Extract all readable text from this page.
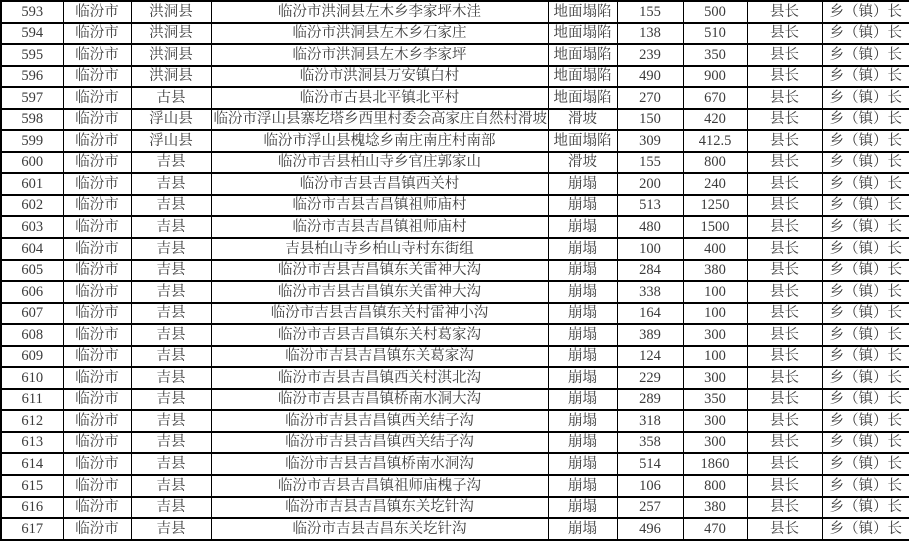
593	临汾市	洪洞县	临汾市洪洞县左木乡李家坪木洼	地面塌陷	155	500	县长	乡（镇）长
594	临汾市	洪洞县	临汾市洪洞县左木乡石家庄	地面塌陷	138	510	县长	乡（镇）长
595	临汾市	洪洞县	临汾市洪洞县左木乡李家坪	地面塌陷	239	350	县长	乡（镇）长
596	临汾市	洪洞县	临汾市洪洞县万安镇白村	地面塌陷	490	900	县长	乡（镇）长
597	临汾市	古县	临汾市古县北平镇北平村	地面塌陷	270	670	县长	乡（镇）长
598	临汾市	浮山县	临汾市浮山县寨圪塔乡西里村委会高家庄自然村滑坡	滑坡	150	420	县长	乡（镇）长
599	临汾市	浮山县	临汾市浮山县槐埝乡南庄南庄村南部	地面塌陷	309	412.5	县长	乡（镇）长
600	临汾市	吉县	临汾市吉县柏山寺乡官庄郭家山	滑坡	155	800	县长	乡（镇）长
601	临汾市	吉县	临汾市吉县吉昌镇西关村	崩塌	200	240	县长	乡（镇）长
602	临汾市	吉县	临汾市吉县吉昌镇祖师庙村	崩塌	513	1250	县长	乡（镇）长
603	临汾市	吉县	临汾市吉县吉昌镇祖师庙村	崩塌	480	1500	县长	乡（镇）长
604	临汾市	吉县	吉县柏山寺乡柏山寺村东街组	崩塌	100	400	县长	乡（镇）长
605	临汾市	吉县	临汾市吉县吉昌镇东关雷神大沟	崩塌	284	380	县长	乡（镇）长
606	临汾市	吉县	临汾市吉县吉昌镇东关雷神大沟	崩塌	338	100	县长	乡（镇）长
607	临汾市	吉县	临汾市吉县吉昌镇东关村雷神小沟	崩塌	164	100	县长	乡（镇）长
608	临汾市	吉县	临汾市吉县吉昌镇东关村葛家沟	崩塌	389	300	县长	乡（镇）长
609	临汾市	吉县	临汾市吉县吉昌镇东关葛家沟	崩塌	124	100	县长	乡（镇）长
610	临汾市	吉县	临汾市吉县吉昌镇西关村淇北沟	崩塌	229	300	县长	乡（镇）长
611	临汾市	吉县	临汾市吉县吉昌镇桥南水洞大沟	崩塌	289	350	县长	乡（镇）长
612	临汾市	吉县	临汾市吉县吉昌镇西关结子沟	崩塌	318	300	县长	乡（镇）长
613	临汾市	吉县	临汾市吉县吉昌镇西关结子沟	崩塌	358	300	县长	乡（镇）长
614	临汾市	吉县	临汾市吉县吉昌镇桥南水洞沟	崩塌	514	1860	县长	乡（镇）长
615	临汾市	吉县	临汾市吉县吉昌镇祖师庙槐子沟	崩塌	106	800	县长	乡（镇）长
616	临汾市	吉县	临汾市吉县吉昌镇东关圪针沟	崩塌	257	380	县长	乡（镇）长
617	临汾市	吉县	临汾市吉县吉昌东关圪针沟	崩塌	496	470	县长	乡（镇）长
